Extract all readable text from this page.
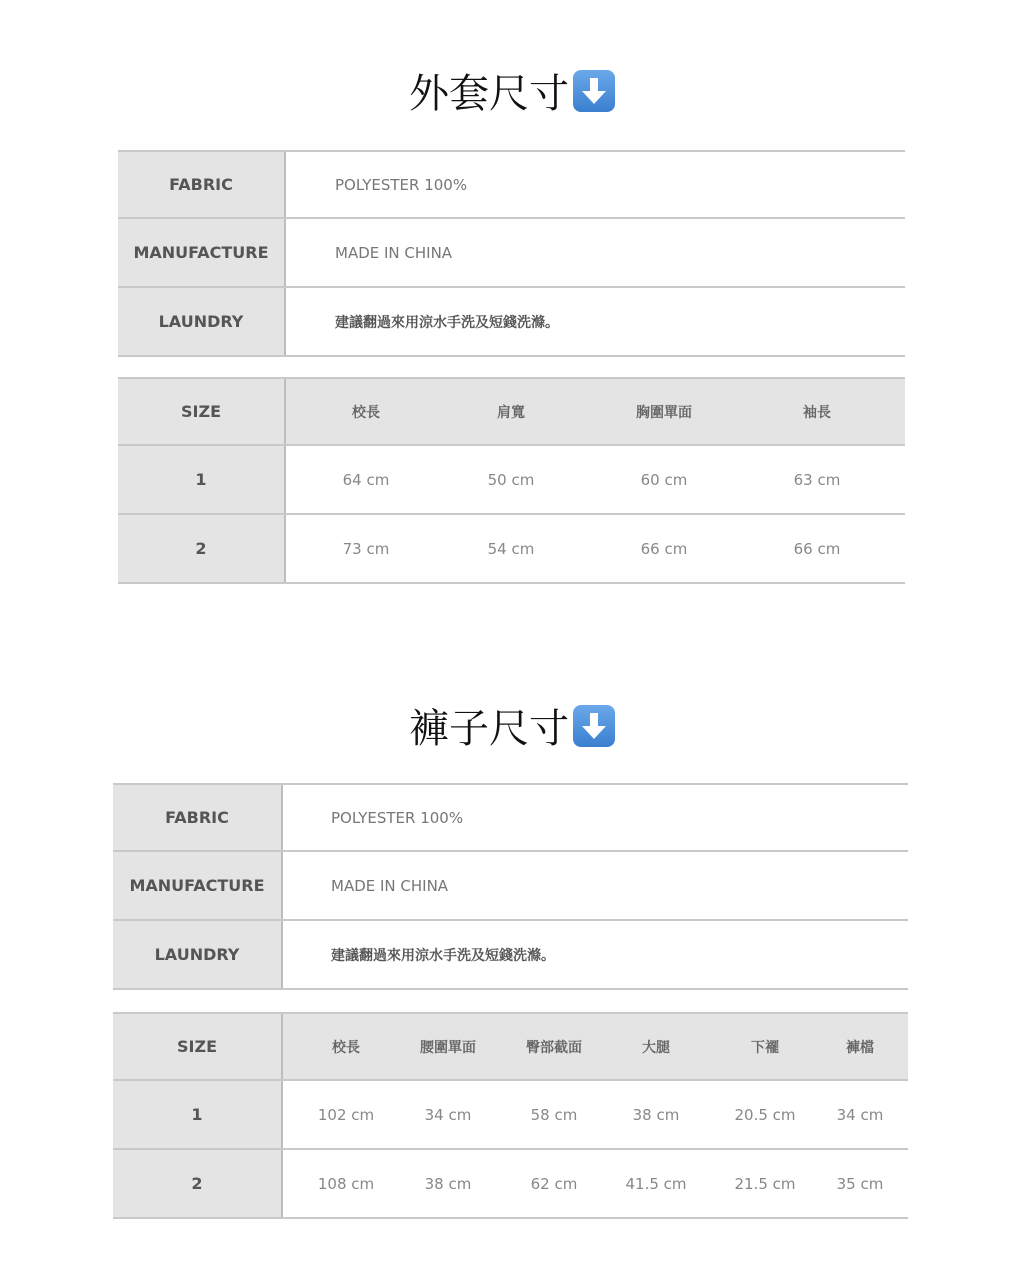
外套尺寸
FABRIC	POLYESTER 100%
MANUFACTURE	MADE IN CHINA
LAUNDRY	建議翻過來用涼水手洗及短錢洗滌。
SIZE	校長	肩寬	胸圍單面	袖長
1	64 cm	50 cm	60 cm	63 cm
2	73 cm	54 cm	66 cm	66 cm
褲子尺寸
FABRIC	POLYESTER 100%
MANUFACTURE	MADE IN CHINA
LAUNDRY	建議翻過來用涼水手洗及短錢洗滌。
SIZE	校長	腰圍單面	臀部截面	大腿	下襬	褲檔
1	102 cm	34 cm	58 cm	38 cm	20.5 cm	34 cm
2	108 cm	38 cm	62 cm	41.5 cm	21.5 cm	35 cm
